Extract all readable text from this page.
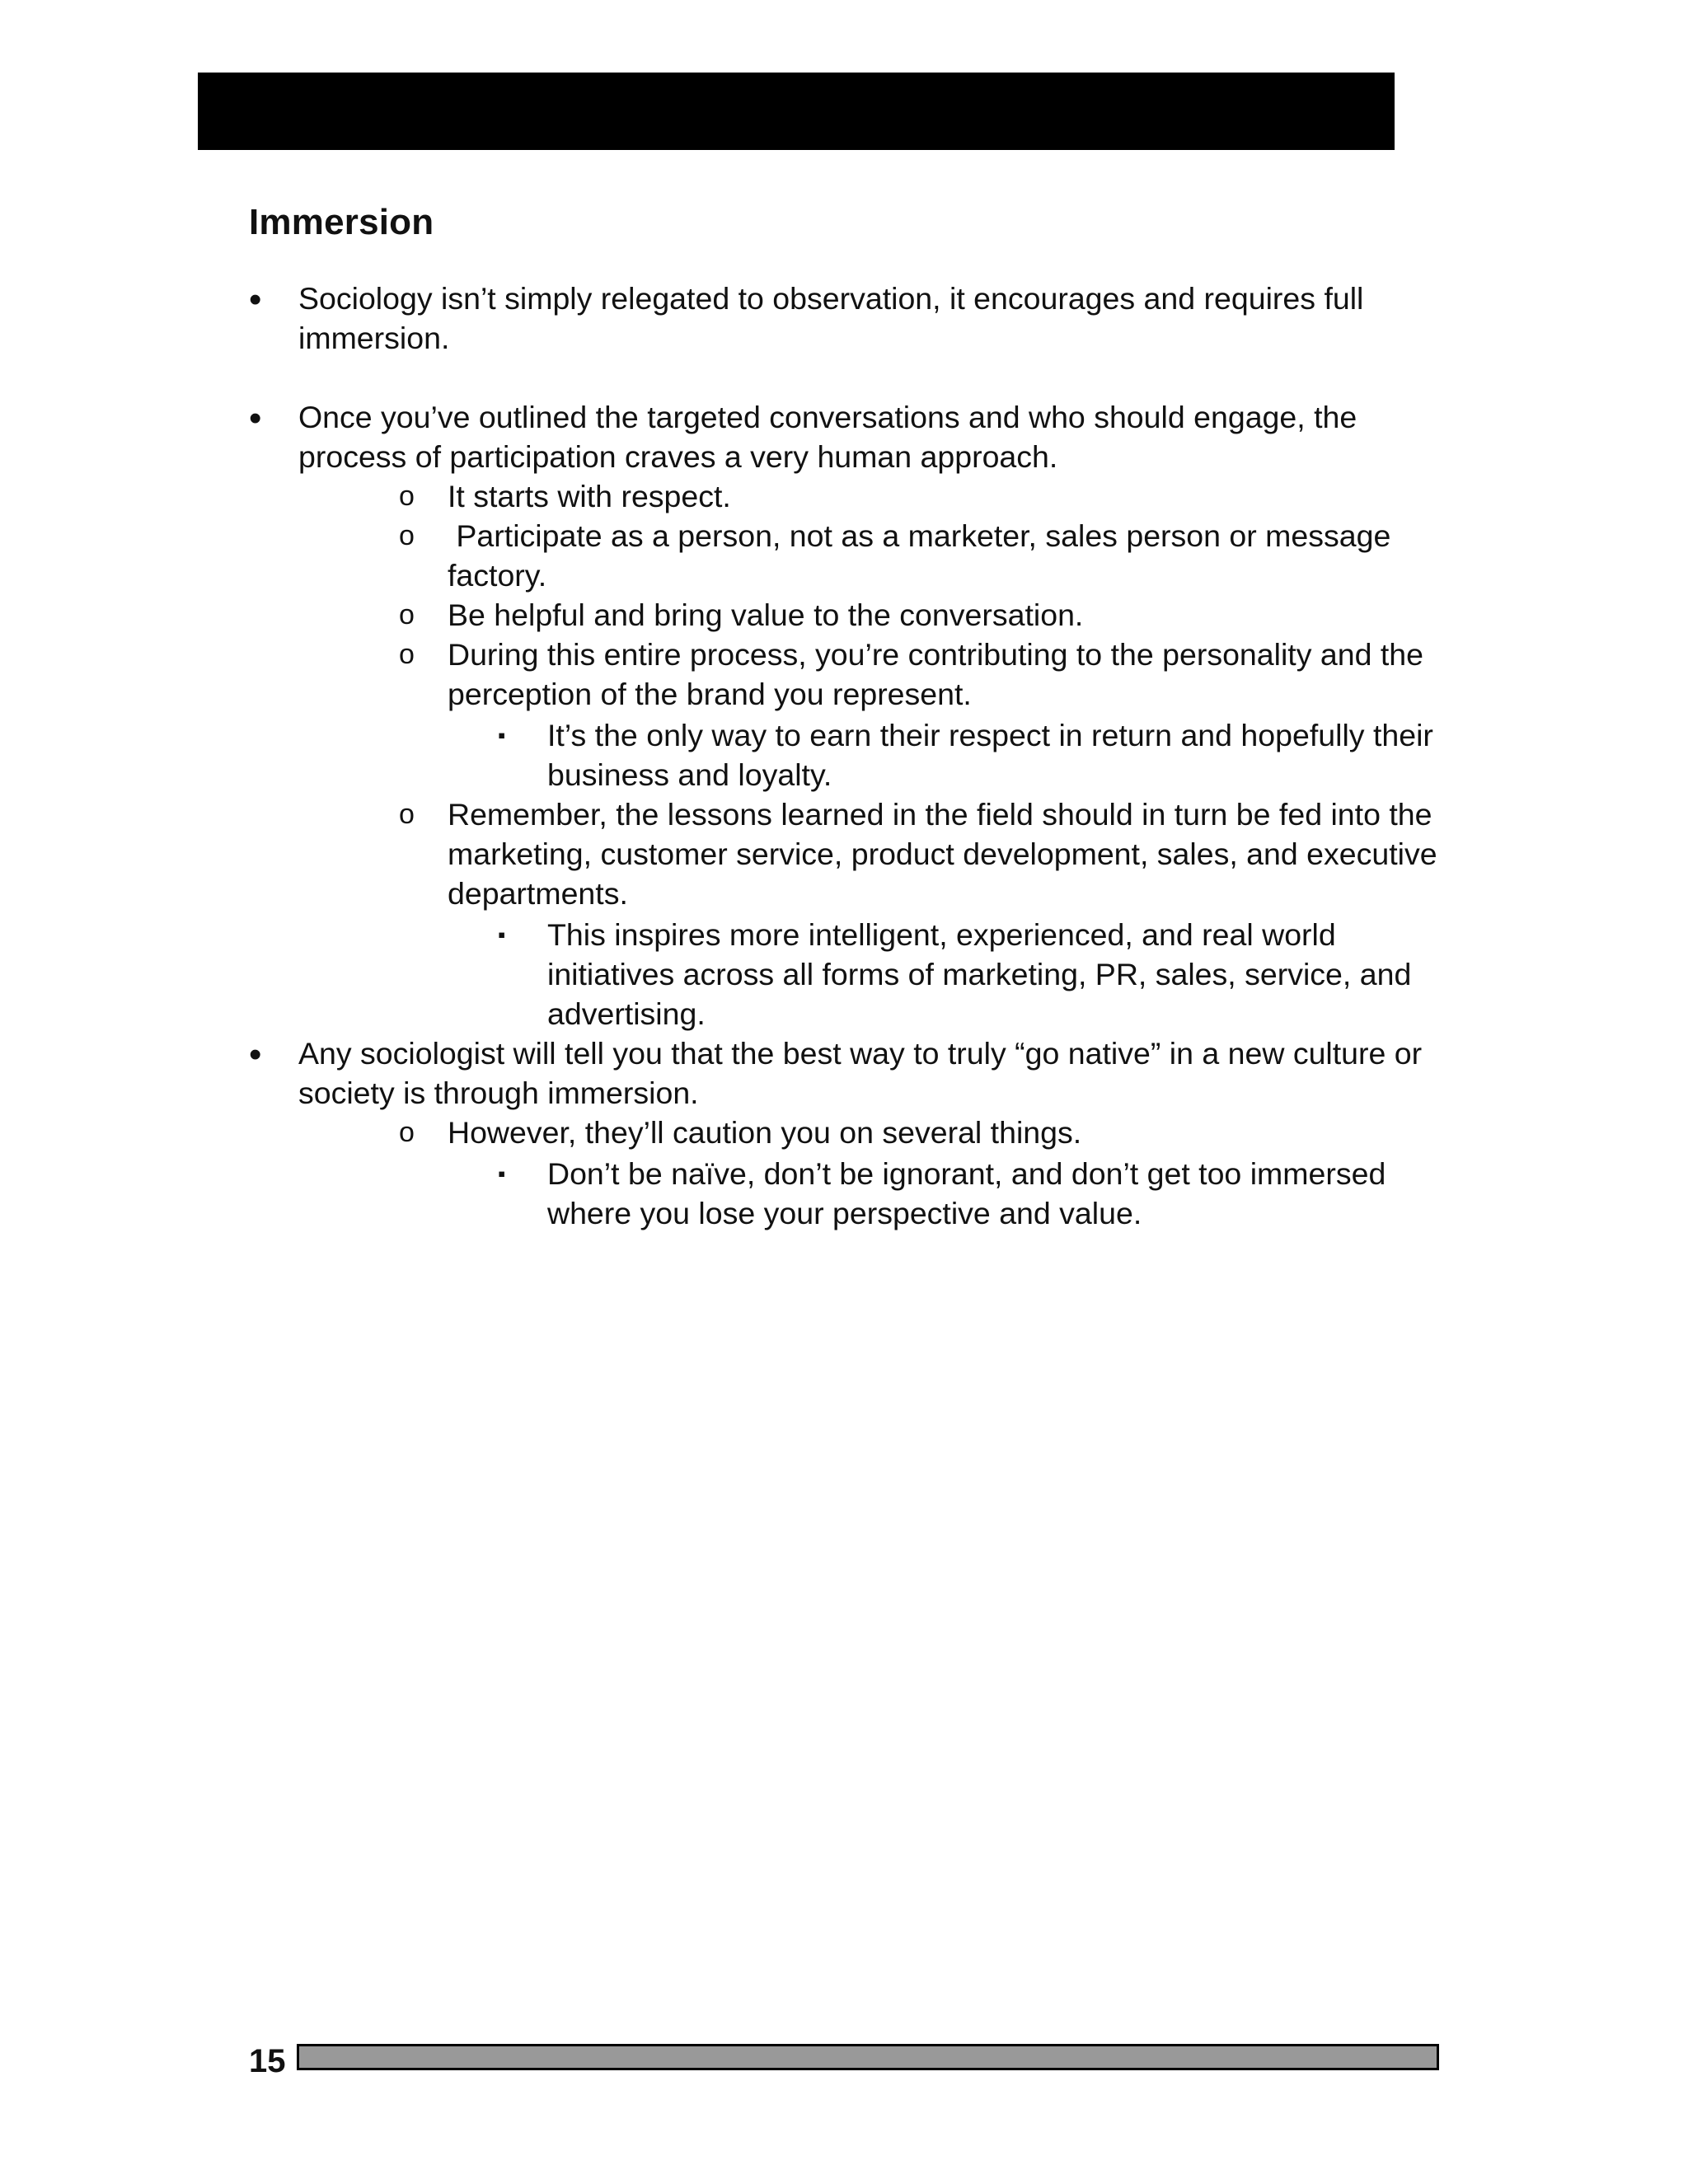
Immersion
•
Sociology isn’t simply relegated to observation, it encourages and requires full immersion.
•
Once you’ve outlined the targeted conversations and who should engage, the process of participation craves a very human approach.
o It starts with respect.
o Participate as a person, not as a marketer, sales person or message factory.
o Be helpful and bring value to the conversation.
o During this entire process, you’re contributing to the personality and the perception of the brand you represent.
▪ It’s the only way to earn their respect in return and hopefully their business and loyalty.
o Remember, the lessons learned in the field should in turn be fed into the marketing, customer service, product development, sales, and executive departments.
▪ This inspires more intelligent, experienced, and real world initiatives across all forms of marketing, PR, sales, service, and advertising.
•
Any sociologist will tell you that the best way to truly “go native” in a new culture or society is through immersion.
o However, they’ll caution you on several things.
▪ Don’t be naïve, don’t be ignorant, and don’t get too immersed where you lose your perspective and value.
15
